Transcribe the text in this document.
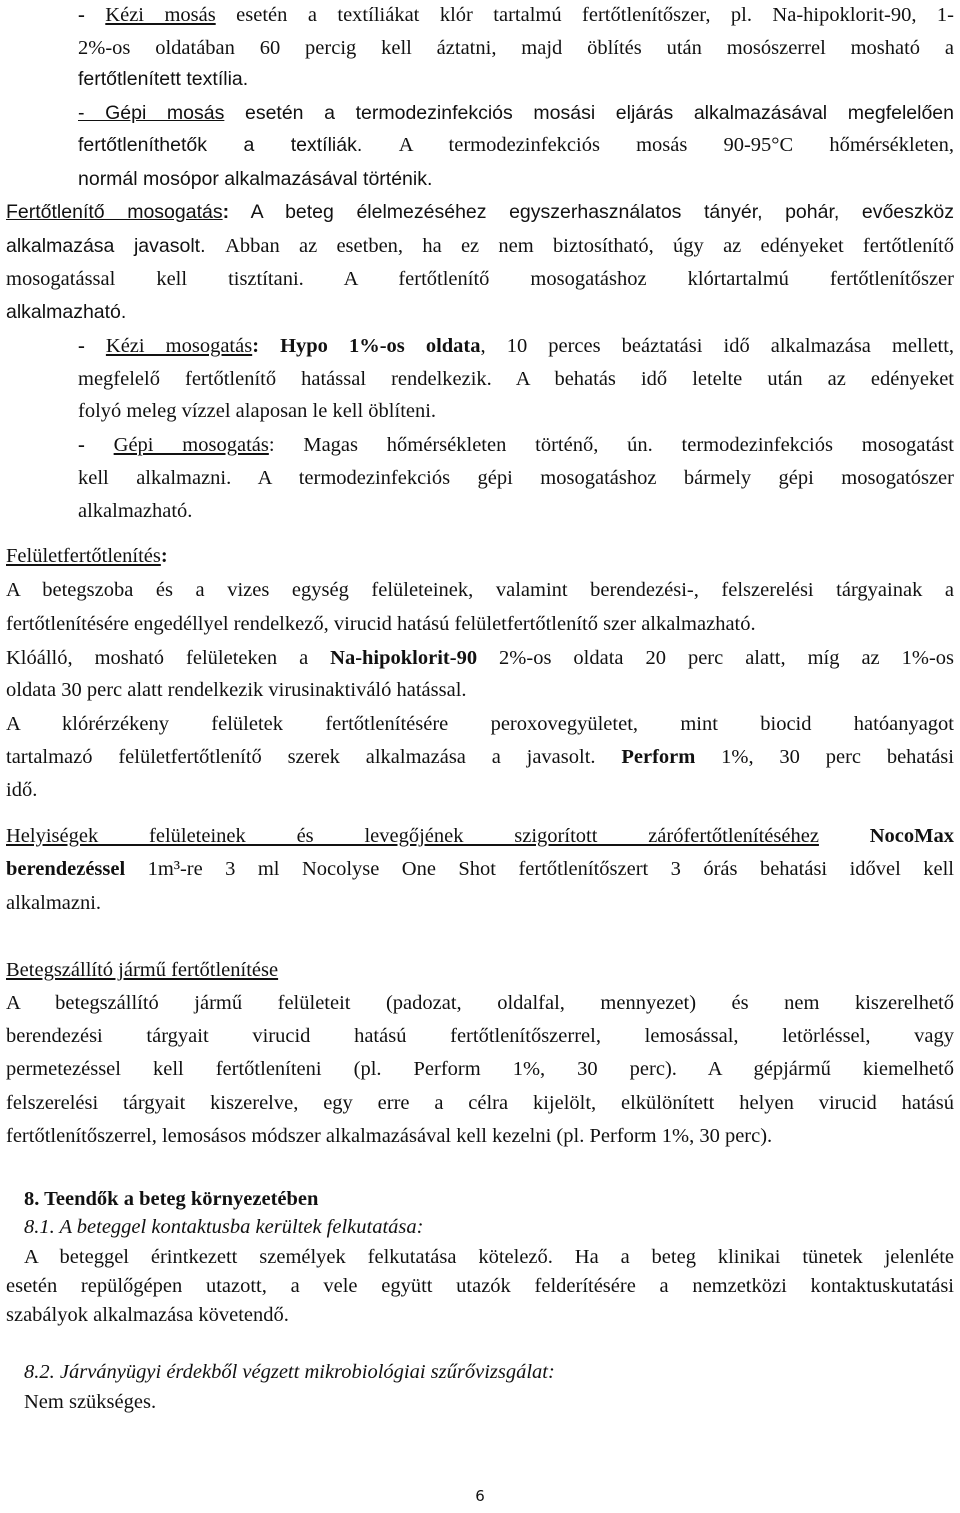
- Kézi mosás esetén a textíliákat klór tartalmú fertőtlenítőszer, pl. Na-hipoklorit-90, 1-
2%-os oldatában 60 percig kell áztatni, majd öblítés után mosószerrel mosható a
fertőtlenített textília.
- Gépi mosás esetén a termodezinfekciós mosási eljárás alkalmazásával megfelelően
fertőtleníthetők a textíliák. A termodezinfekciós mosás 90-95°C hőmérsékleten,
normál mosópor alkalmazásával történik.
Fertőtlenítő mosogatás: A beteg élelmezéséhez egyszerhasználatos tányér, pohár, evőeszköz
alkalmazása javasolt. Abban az esetben, ha ez nem biztosítható, úgy az edényeket fertőtlenítő
mosogatással kell tisztítani. A fertőtlenítő mosogatáshoz klórtartalmú fertőtlenítőszer
alkalmazható.
- Kézi mosogatás: Hypo 1%-os oldata, 10 perces beáztatási idő alkalmazása mellett,
megfelelő fertőtlenítő hatással rendelkezik. A behatás idő letelte után az edényeket
folyó meleg vízzel alaposan le kell öblíteni.
- Gépi mosogatás: Magas hőmérsékleten történő, ún. termodezinfekciós mosogatást
kell alkalmazni. A termodezinfekciós gépi mosogatáshoz bármely gépi mosogatószer
alkalmazható.
Felületfertőtlenítés:
A betegszoba és a vizes egység felületeinek, valamint berendezési-, felszerelési tárgyainak a
fertőtlenítésére engedéllyel rendelkező, virucid hatású felületfertőtlenítő szer alkalmazható.
Klóálló, mosható felületeken a Na-hipoklorit-90 2%-os oldata 20 perc alatt, míg az 1%-os
oldata 30 perc alatt rendelkezik virusinaktiváló hatással.
A klórérzékeny felületek fertőtlenítésére peroxovegyületet, mint biocid hatóanyagot
tartalmazó felületfertőtlenítő szerek alkalmazása a javasolt. Perform 1%, 30 perc behatási
idő.
Helyiségek felületeinek és levegőjének szigorított zárófertőtlenítéséhez NocoMax
berendezéssel 1m³-re 3 ml Nocolyse One Shot fertőtlenítőszert 3 órás behatási idővel kell
alkalmazni.
Betegszállító jármű fertőtlenítése
A betegszállító jármű felületeit (padozat, oldalfal, mennyezet) és nem kiszerelhető
berendezési tárgyait virucid hatású fertőtlenítőszerrel, lemosással, letörléssel, vagy
permetezéssel kell fertőtleníteni (pl. Perform 1%, 30 perc). A gépjármű kiemelhető
felszerelési tárgyait kiszerelve, egy erre a célra kijelölt, elkülönített helyen virucid hatású
fertőtlenítőszerrel, lemosásos módszer alkalmazásával kell kezelni (pl. Perform 1%, 30 perc).
8. Teendők a beteg környezetében
8.1. A beteggel kontaktusba kerültek felkutatása:
A beteggel érintkezett személyek felkutatása kötelező. Ha a beteg klinikai tünetek jelenléte
esetén repülőgépen utazott, a vele együtt utazók felderítésére a nemzetközi kontaktuskutatási
szabályok alkalmazása követendő.
8.2. Járványügyi érdekből végzett mikrobiológiai szűrővizsgálat:
Nem szükséges.
6
